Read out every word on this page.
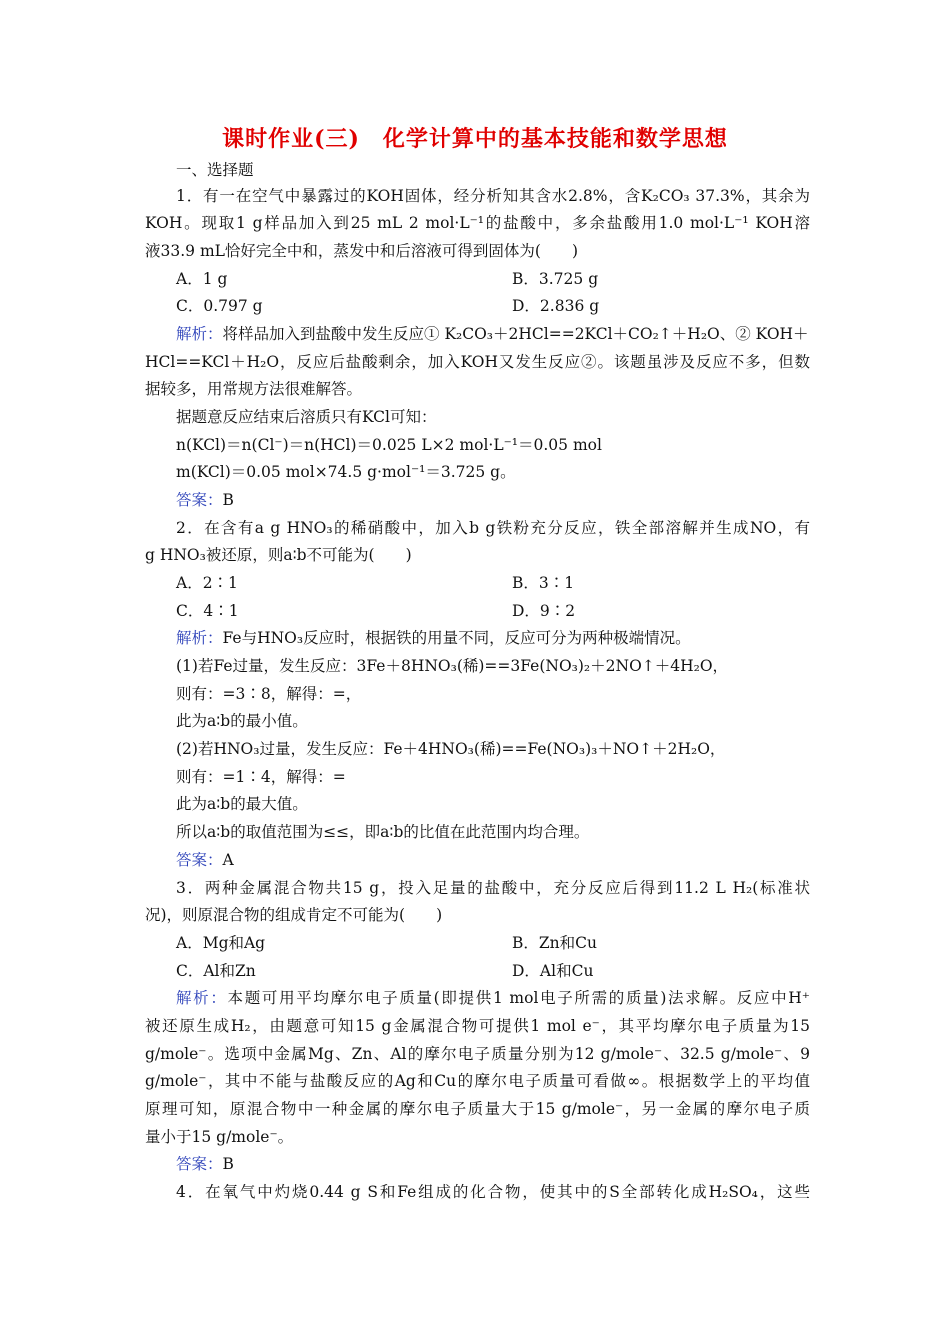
课时作业(三)　化学计算中的基本技能和数学思想
一、选择题
1．有一在空气中暴露过的KOH固体，经分析知其含水2.8%，含K₂CO₃ 37.3%，其余为
KOH。现取1 g样品加入到25 mL 2 mol·L⁻¹的盐酸中，多余盐酸用1.0 mol·L⁻¹ KOH溶
液33.9 mL恰好完全中和，蒸发中和后溶液可得到固体为(　　)
A．1 g	B．3.725 g
C．0.797 g	D．2.836 g
解析：将样品加入到盐酸中发生反应① K₂CO₃＋2HCl==2KCl＋CO₂↑＋H₂O、② KOH＋
HCl==KCl＋H₂O，反应后盐酸剩余，加入KOH又发生反应②。该题虽涉及反应不多，但数
据较多，用常规方法很难解答。
据题意反应结束后溶质只有KCl可知：
n(KCl)＝n(Cl⁻)＝n(HCl)＝0.025 L×2 mol·L⁻¹＝0.05 mol
m(KCl)＝0.05 mol×74.5 g·mol⁻¹＝3.725 g。
答案：B
2．在含有a g HNO₃的稀硝酸中，加入b g铁粉充分反应，铁全部溶解并生成NO，有
g HNO₃被还原，则a∶b不可能为(　　)
A．2∶1	B．3∶1
C．4∶1	D．9∶2
解析：Fe与HNO₃反应时，根据铁的用量不同，反应可分为两种极端情况。
(1)若Fe过量，发生反应：3Fe＋8HNO₃(稀)==3Fe(NO₃)₂＋2NO↑＋4H₂O，
则有：=3∶8，解得：=，
此为a∶b的最小值。
(2)若HNO₃过量，发生反应：Fe＋4HNO₃(稀)==Fe(NO₃)₃＋NO↑＋2H₂O，
则有：=1∶4，解得：=
此为a∶b的最大值。
所以a∶b的取值范围为≤≤，即a∶b的比值在此范围内均合理。
答案：A
3．两种金属混合物共15 g，投入足量的盐酸中，充分反应后得到11.2 L H₂(标准状
况)，则原混合物的组成肯定不可能为(　　)
A．Mg和Ag	B．Zn和Cu
C．Al和Zn	D．Al和Cu
解析：本题可用平均摩尔电子质量(即提供1 mol电子所需的质量)法求解。反应中H⁺
被还原生成H₂，由题意可知15 g金属混合物可提供1 mol e⁻，其平均摩尔电子质量为15
g/mole⁻。选项中金属Mg、Zn、Al的摩尔电子质量分别为12 g/mole⁻、32.5 g/mole⁻、9
g/mole⁻，其中不能与盐酸反应的Ag和Cu的摩尔电子质量可看做∞。根据数学上的平均值
原理可知，原混合物中一种金属的摩尔电子质量大于15 g/mole⁻，另一金属的摩尔电子质
量小于15 g/mole⁻。
答案：B
4．在氧气中灼烧0.44 g S和Fe组成的化合物，使其中的S全部转化成H₂SO₄，这些
